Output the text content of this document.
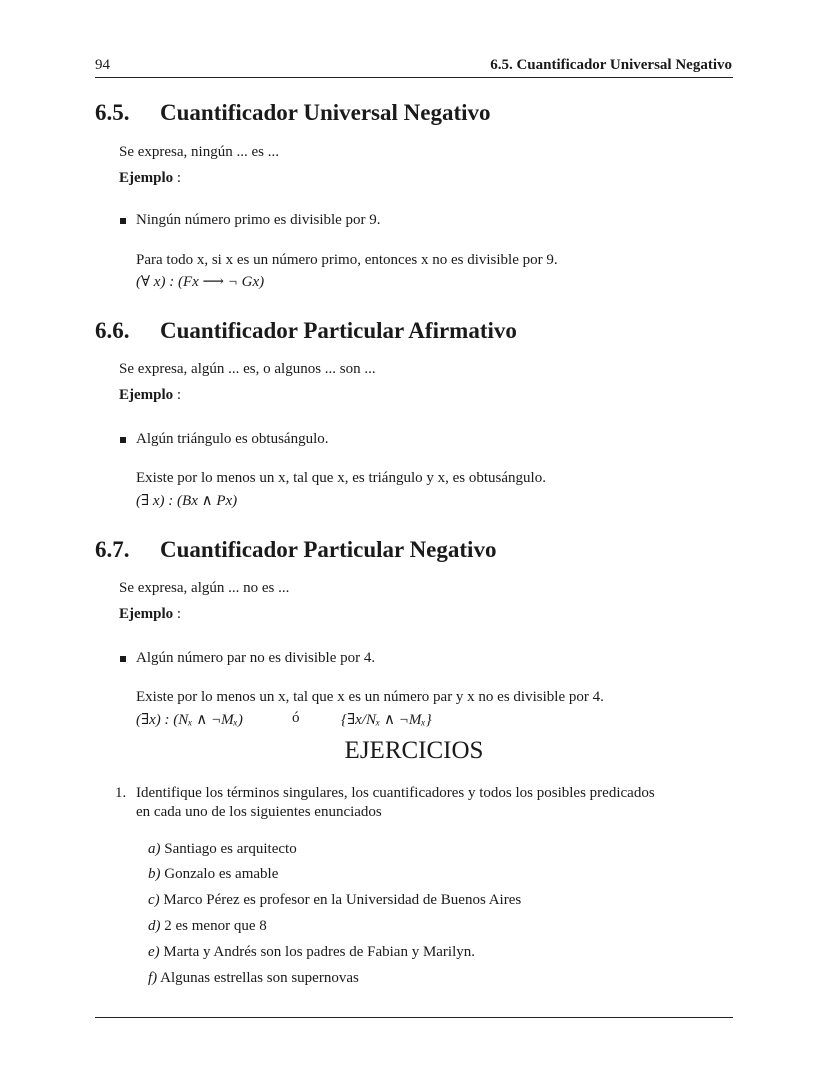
94	6.5. Cuantificador Universal Negativo
6.5. Cuantificador Universal Negativo
Se expresa, ningún ... es ...
Ejemplo :
Ningún número primo es divisible por 9.
Para todo x, si x es un número primo, entonces x no es divisible por 9.
(∀ x) : (Fx ⟶ ¬ Gx)
6.6. Cuantificador Particular Afirmativo
Se expresa, algún ... es, o algunos ... son ...
Ejemplo :
Algún triángulo es obtusángulo.
Existe por lo menos un x, tal que x, es triángulo y x, es obtusángulo.
(∃ x) : (Bx ∧ Px)
6.7. Cuantificador Particular Negativo
Se expresa, algún ... no es ...
Ejemplo :
Algún número par no es divisible por 4.
Existe por lo menos un x, tal que x es un número par y x no es divisible por 4.
(∃x) : (Nₓ ∧ ¬Mₓ)	ó	{∃x/Nₓ ∧ ¬Mₓ}
EJERCICIOS
1. Identifique los términos singulares, los cuantificadores y todos los posibles predicados
en cada uno de los siguientes enunciados
a) Santiago es arquitecto
b) Gonzalo es amable
c) Marco Pérez es profesor en la Universidad de Buenos Aires
d) 2 es menor que 8
e) Marta y Andrés son los padres de Fabian y Marilyn.
f) Algunas estrellas son supernovas
